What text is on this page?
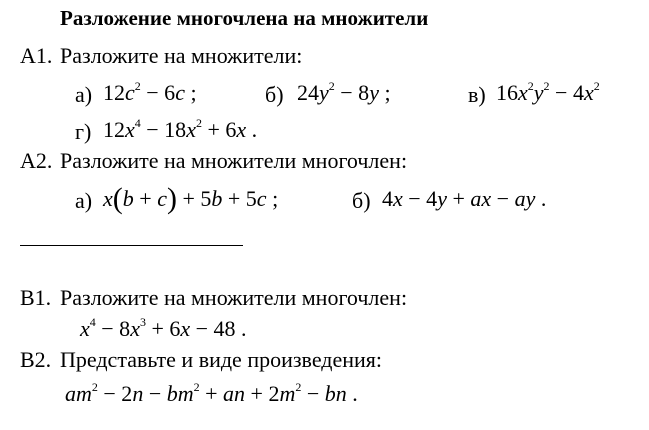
Разложение многочлена на множители
А1. Разложите на множители:
а) $12c^2 - 6c$ ;	б) $24y^2 - 8y$ ;	в) $16x^2y^2 - 4x^2$
г) $12x^4 - 18x^2 + 6x$ .
А2. Разложите на множители многочлен:
а) x(b + c) + 5b + 5c ;	б) 4x − 4y + ax − ay .
В1. Разложите на множители многочлен:
$x^4 - 8x^3 + 6x - 48$ .
В2. Представьте и виде произведения:
$am^2 - 2n - bm^2$ + an + $2m^2$ − bn .
